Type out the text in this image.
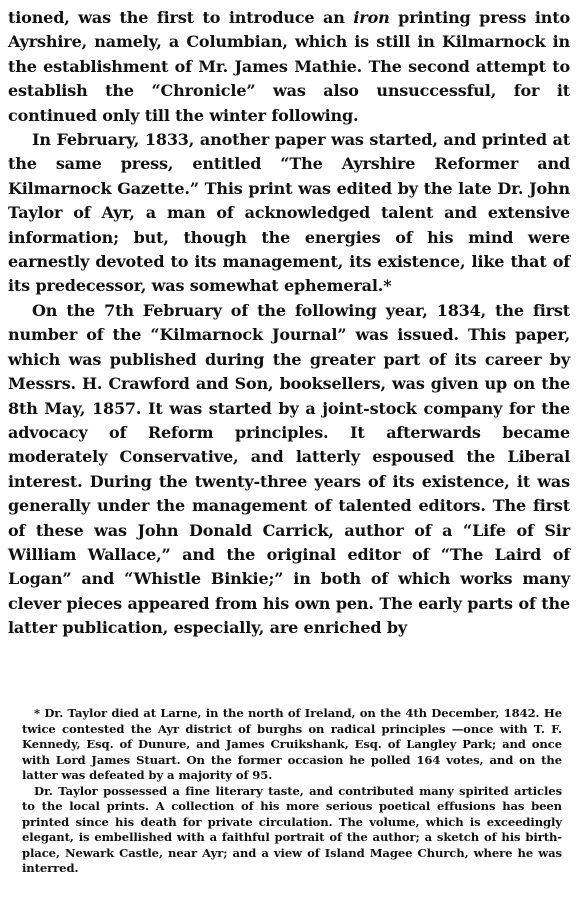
tioned, was the first to introduce an iron printing press into Ayrshire, namely, a Columbian, which is still in Kilmarnock in the establishment of Mr. James Mathie. The second attempt to establish the “Chronicle” was also unsuccessful, for it continued only till the winter following.

In February, 1833, another paper was started, and printed at the same press, entitled “The Ayrshire Reformer and Kilmarnock Gazette.” This print was edited by the late Dr. John Taylor of Ayr, a man of acknowledged talent and extensive information; but, though the energies of his mind were earnestly devoted to its management, its existence, like that of its predecessor, was somewhat ephemeral.*

On the 7th February of the following year, 1834, the first number of the “Kilmarnock Journal” was issued. This paper, which was published during the greater part of its career by Messrs. H. Crawford and Son, booksellers, was given up on the 8th May, 1857. It was started by a joint-stock company for the advocacy of Reform principles. It afterwards became moderately Conservative, and latterly espoused the Liberal interest. During the twenty-three years of its existence, it was generally under the management of talented editors. The first of these was John Donald Carrick, author of a “Life of Sir William Wallace,” and the original editor of “The Laird of Logan” and “Whistle Binkie;” in both of which works many clever pieces appeared from his own pen. The early parts of the latter publication, especially, are enriched by

* Dr. Taylor died at Larne, in the north of Ireland, on the 4th December, 1842. He twice contested the Ayr district of burghs on radical principles —once with T. F. Kennedy, Esq. of Dunure, and James Cruikshank, Esq. of Langley Park; and once with Lord James Stuart. On the former occasion he polled 164 votes, and on the latter was defeated by a majority of 95.

Dr. Taylor possessed a fine literary taste, and contributed many spirited articles to the local prints. A collection of his more serious poetical effusions has been printed since his death for private circulation. The volume, which is exceedingly elegant, is embellished with a faithful portrait of the author; a sketch of his birth-place, Newark Castle, near Ayr; and a view of Island Magee Church, where he was interred.
